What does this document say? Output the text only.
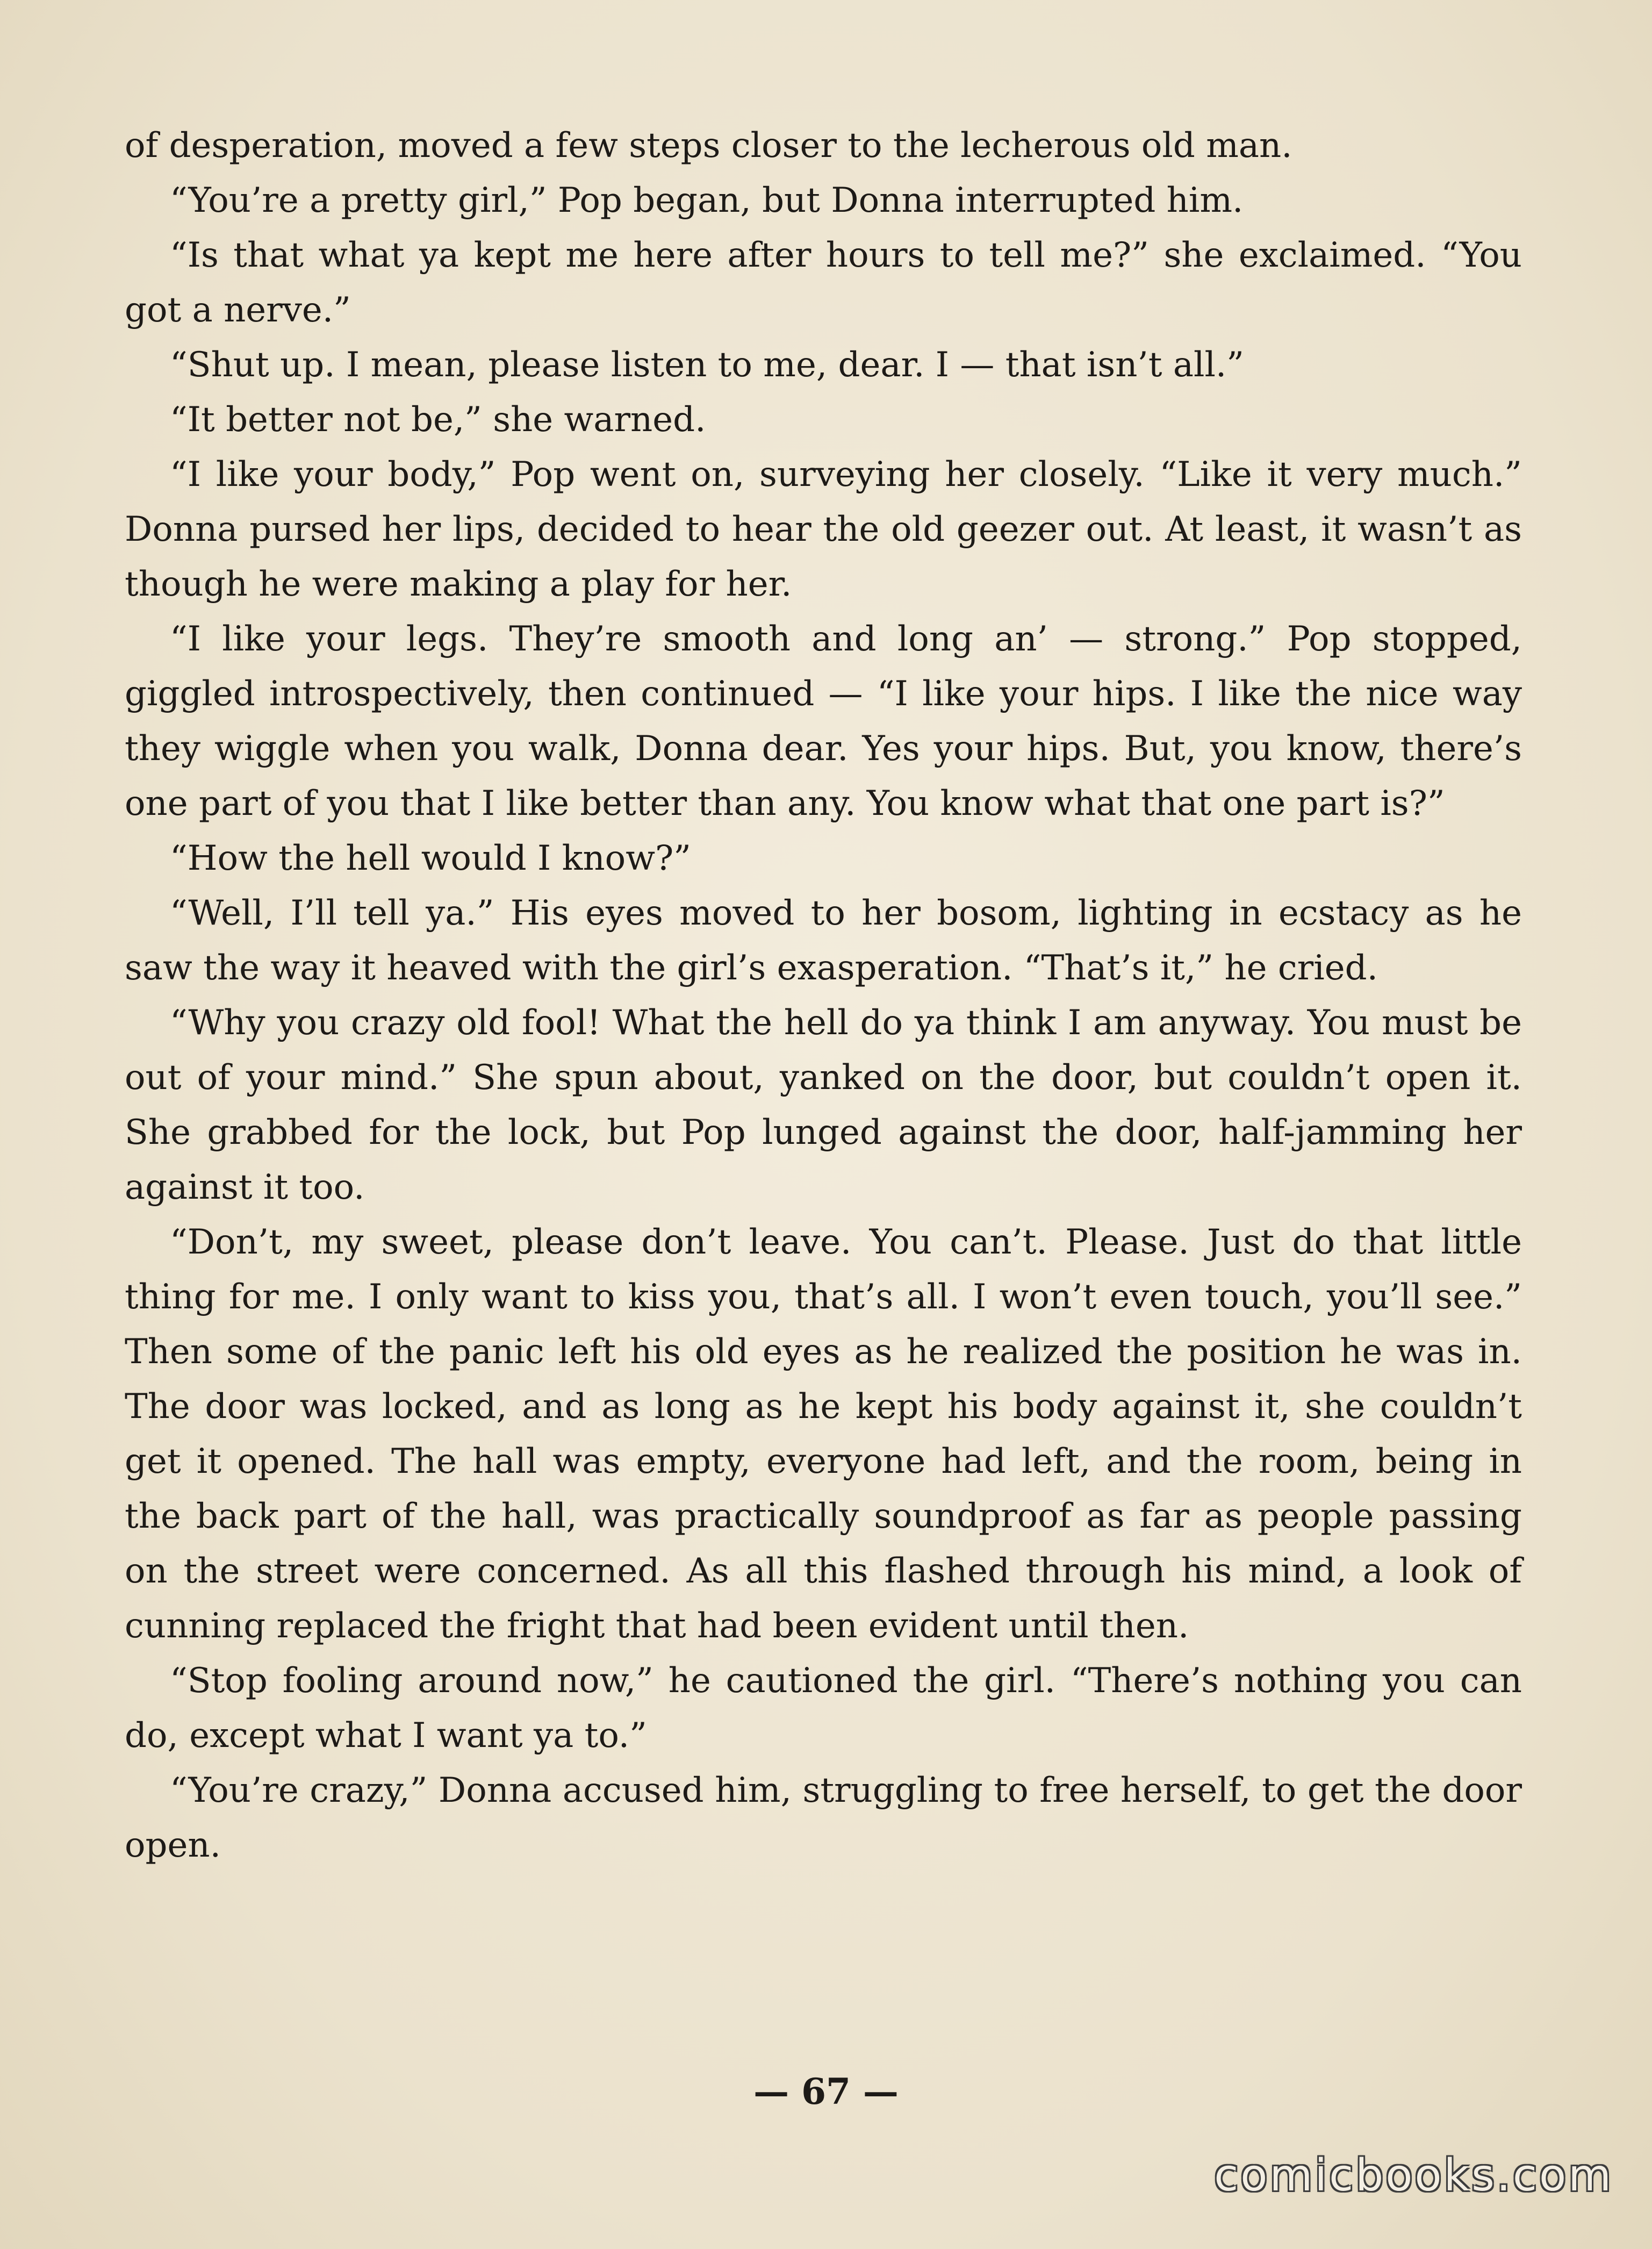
of desperation, moved a few steps closer to the lecherous old man.

“You’re a pretty girl,” Pop began, but Donna interrupted him.

“Is that what ya kept me here after hours to tell me?” she exclaimed. “You got a nerve.”

“Shut up. I mean, please listen to me, dear. I — that isn’t all.”

“It better not be,” she warned.

“I like your body,” Pop went on, surveying her closely. “Like it very much.” Donna pursed her lips, decided to hear the old geezer out. At least, it wasn’t as though he were making a play for her.

“I like your legs. They’re smooth and long an’ — strong.” Pop stopped, giggled introspectively, then continued — “I like your hips. I like the nice way they wiggle when you walk, Donna dear. Yes your hips. But, you know, there’s one part of you that I like better than any. You know what that one part is?”

“How the hell would I know?”

“Well, I’ll tell ya.” His eyes moved to her bosom, lighting in ecstacy as he saw the way it heaved with the girl’s exasperation. “That’s it,” he cried.

“Why you crazy old fool! What the hell do ya think I am anyway. You must be out of your mind.” She spun about, yanked on the door, but couldn’t open it. She grabbed for the lock, but Pop lunged against the door, half-jamming her against it too.

“Don’t, my sweet, please don’t leave. You can’t. Please. Just do that little thing for me. I only want to kiss you, that’s all. I won’t even touch, you’ll see.” Then some of the panic left his old eyes as he realized the position he was in. The door was locked, and as long as he kept his body against it, she couldn’t get it opened. The hall was empty, everyone had left, and the room, being in the back part of the hall, was practically soundproof as far as people passing on the street were concerned. As all this flashed through his mind, a look of cunning replaced the fright that had been evident until then.

“Stop fooling around now,” he cautioned the girl. “There’s nothing you can do, except what I want ya to.”

“You’re crazy,” Donna accused him, struggling to free herself, to get the door open.

— 67 —
comicbooks.com
